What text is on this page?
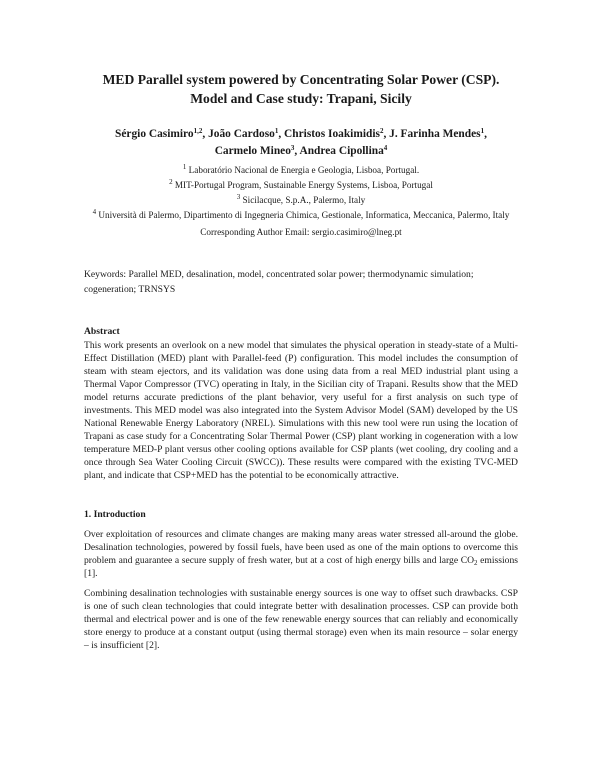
MED Parallel system powered by Concentrating Solar Power (CSP).
Model and Case study: Trapani, Sicily
Sérgio Casimiro$^{1,2}$, João Cardoso$^1$, Christos Ioakimidis$^2$, J. Farinha Mendes$^1$,
Carmelo Mineo$^3$, Andrea Cipollina$^4$

$^1$ Laboratório Nacional de Energia e Geologia, Lisboa, Portugal.

$^2$ MIT-Portugal Program, Sustainable Energy Systems, Lisboa, Portugal

$^3$ Sicilacque, S.p.A., Palermo, Italy

$^4$ Università di Palermo, Dipartimento di Ingegneria Chimica, Gestionale, Informatica, Meccanica, Palermo, Italy

Corresponding Author Email: sergio.casimiro@lneg.pt
Keywords: Parallel MED, desalination, model, concentrated solar power; thermodynamic simulation; cogeneration; TRNSYS
Abstract

This work presents an overlook on a new model that simulates the physical operation in steady-state of a Multi-Effect Distillation (MED) plant with Parallel-feed (P) configuration. This model includes the consumption of steam with steam ejectors, and its validation was done using data from a real MED industrial plant using a Thermal Vapor Compressor (TVC) operating in Italy, in the Sicilian city of Trapani. Results show that the MED model returns accurate predictions of the plant behavior, very useful for a first analysis on such type of investments. This MED model was also integrated into the System Advisor Model (SAM) developed by the US National Renewable Energy Laboratory (NREL). Simulations with this new tool were run using the location of Trapani as case study for a Concentrating Solar Thermal Power (CSP) plant working in cogeneration with a low temperature MED-P plant versus other cooling options available for CSP plants (wet cooling, dry cooling and a once through Sea Water Cooling Circuit (SWCC)). These results were compared with the existing TVC-MED plant, and indicate that CSP+MED has the potential to be economically attractive.

1. Introduction

Over exploitation of resources and climate changes are making many areas water stressed all-around the globe. Desalination technologies, powered by fossil fuels, have been used as one of the main options to overcome this problem and guarantee a secure supply of fresh water, but at a cost of high energy bills and large $CO_2$ emissions [1].

Combining desalination technologies with sustainable energy sources is one way to offset such drawbacks. CSP is one of such clean technologies that could integrate better with desalination processes. CSP can provide both thermal and electrical power and is one of the few renewable energy sources that can reliably and economically store energy to produce at a constant output (using thermal storage) even when its main resource – solar energy – is insufficient [2].
